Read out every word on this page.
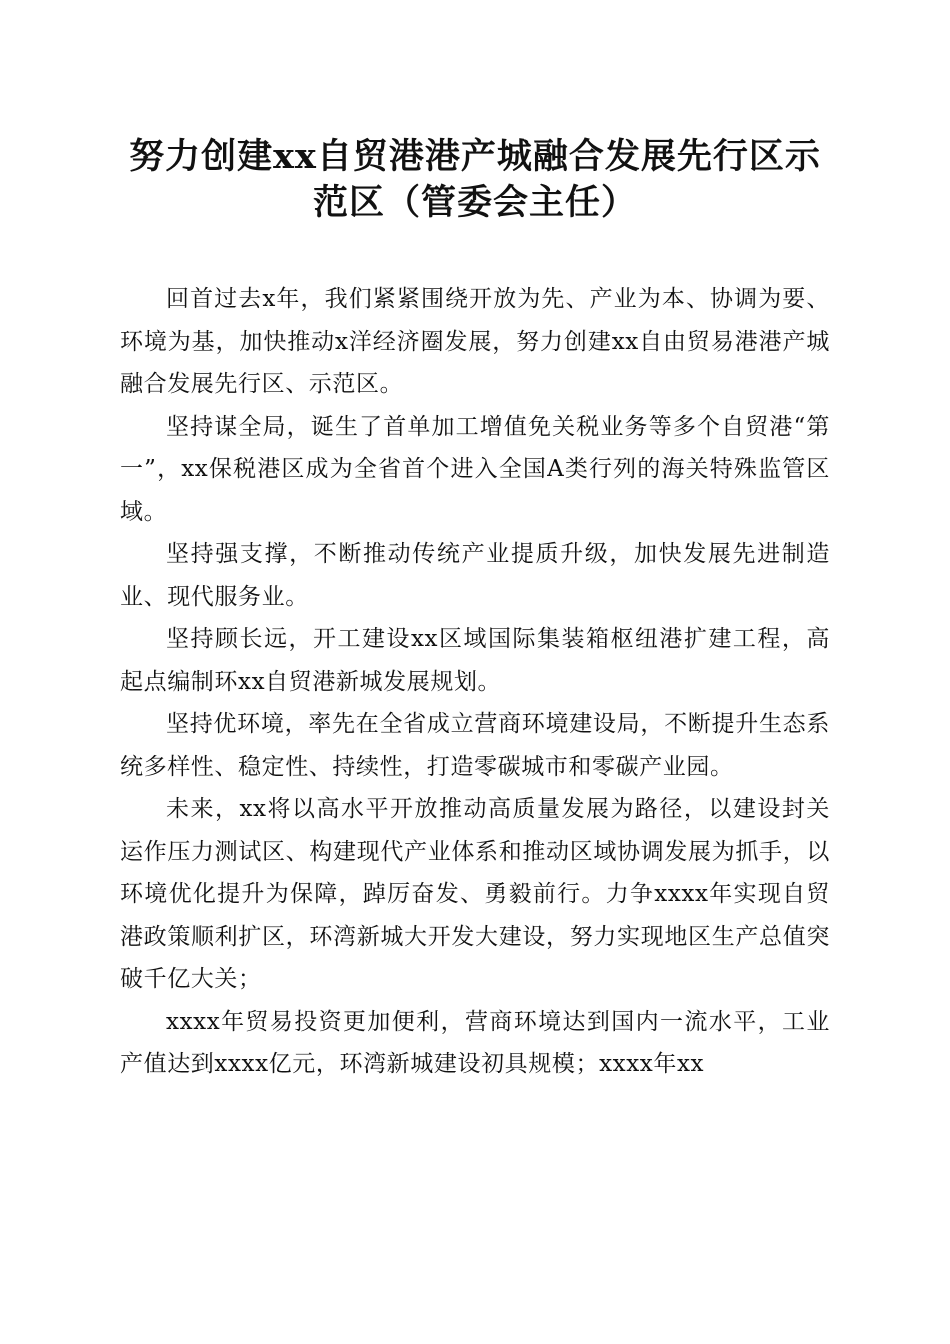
努力创建xx自贸港港产城融合发展先行区示范区（管委会主任）

回首过去x年，我们紧紧围绕开放为先、产业为本、协调为要、环境为基，加快推动x洋经济圈发展，努力创建xx自由贸易港港产城融合发展先行区、示范区。

坚持谋全局，诞生了首单加工增值免关税业务等多个自贸港“第一”，xx保税港区成为全省首个进入全国A类行列的海关特殊监管区域。

坚持强支撑，不断推动传统产业提质升级，加快发展先进制造业、现代服务业。

坚持顾长远，开工建设xx区域国际集装箱枢纽港扩建工程，高起点编制环xx自贸港新城发展规划。

坚持优环境，率先在全省成立营商环境建设局，不断提升生态系统多样性、稳定性、持续性，打造零碳城市和零碳产业园。

未来，xx将以高水平开放推动高质量发展为路径，以建设封关运作压力测试区、构建现代产业体系和推动区域协调发展为抓手，以环境优化提升为保障，踔厉奋发、勇毅前行。力争xxxx年实现自贸港政策顺利扩区，环湾新城大开发大建设，努力实现地区生产总值突破千亿大关；

xxxx年贸易投资更加便利，营商环境达到国内一流水平，工业产值达到xxxx亿元，环湾新城建设初具规模；xxxx年xx
